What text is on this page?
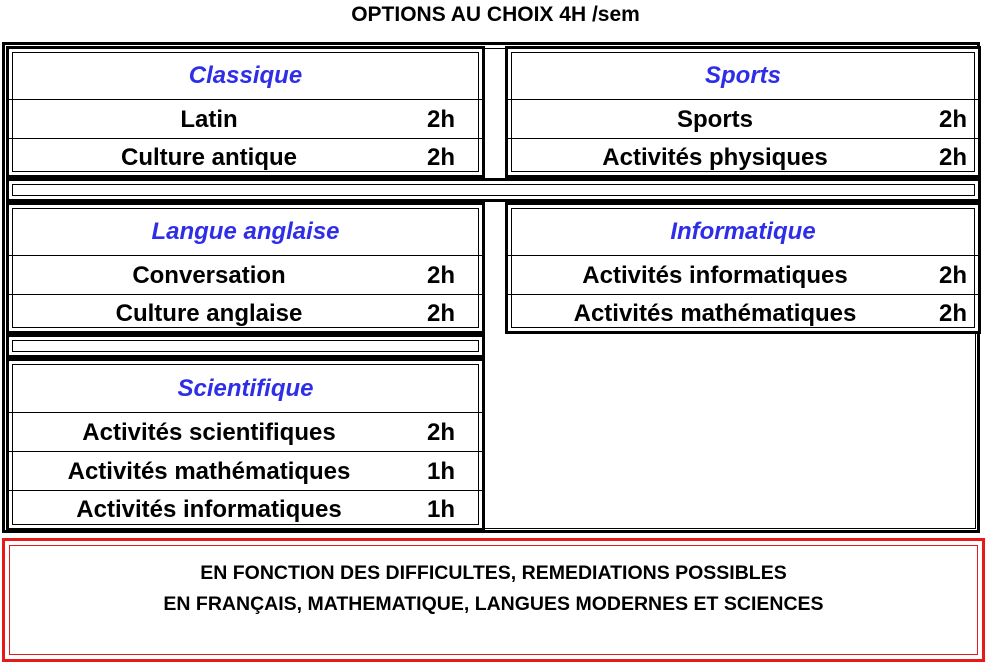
OPTIONS AU CHOIX 4H /sem
Classique
Latin	2h
Culture antique	2h
Sports
Sports	2h
Activités physiques	2h
Langue anglaise
Conversation	2h
Culture anglaise	2h
Informatique
Activités informatiques	2h
Activités mathématiques	2h
Scientifique
Activités scientifiques	2h
Activités mathématiques	1h
Activités informatiques	1h
EN FONCTION DES DIFFICULTES, REMEDIATIONS POSSIBLES
EN FRANÇAIS, MATHEMATIQUE, LANGUES MODERNES ET SCIENCES
